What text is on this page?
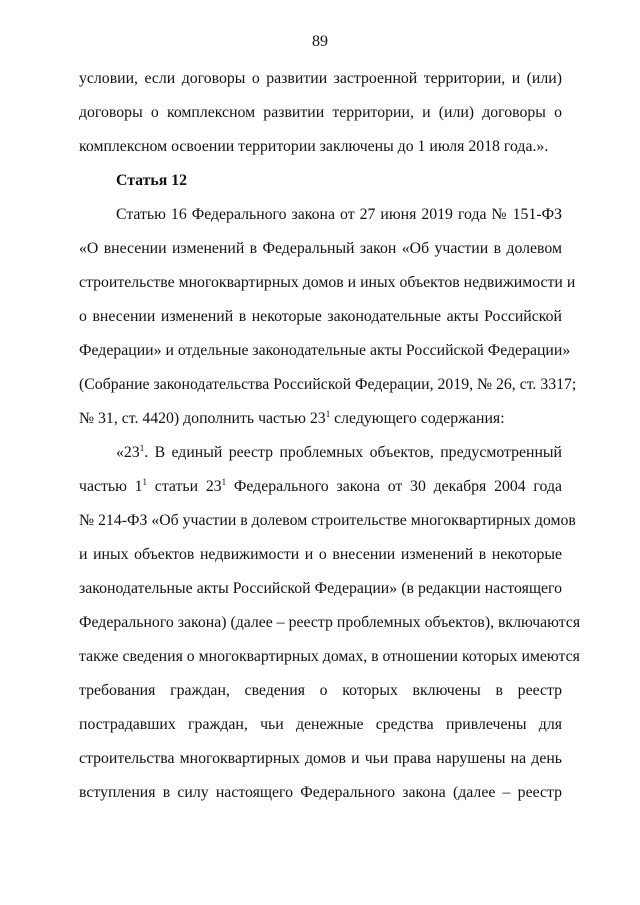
89
условии, если договоры о развитии застроенной территории, и (или)
договоры о комплексном развитии территории, и (или) договоры о
комплексном освоении территории заключены до 1 июля 2018 года.».
Статья 12
Статью 16 Федерального закона от 27 июня 2019 года № 151-ФЗ
«О внесении изменений в Федеральный закон «Об участии в долевом
строительстве многоквартирных домов и иных объектов недвижимости и
о внесении изменений в некоторые законодательные акты Российской
Федерации» и отдельные законодательные акты Российской Федерации»
(Собрание законодательства Российской Федерации, 2019, № 26, ст. 3317;
№ 31, ст. 4420) дополнить частью $23^1$ следующего содержания:
«$23^1$. В единый реестр проблемных объектов, предусмотренный
частью $1^1$ статьи $23^1$ Федерального закона от 30 декабря 2004 года
№ 214-ФЗ «Об участии в долевом строительстве многоквартирных домов
и иных объектов недвижимости и о внесении изменений в некоторые
законодательные акты Российской Федерации» (в редакции настоящего
Федерального закона) (далее – реестр проблемных объектов), включаются
также сведения о многоквартирных домах, в отношении которых имеются
требования граждан, сведения о которых включены в реестр
пострадавших граждан, чьи денежные средства привлечены для
строительства многоквартирных домов и чьи права нарушены на день
вступления в силу настоящего Федерального закона (далее – реестр
